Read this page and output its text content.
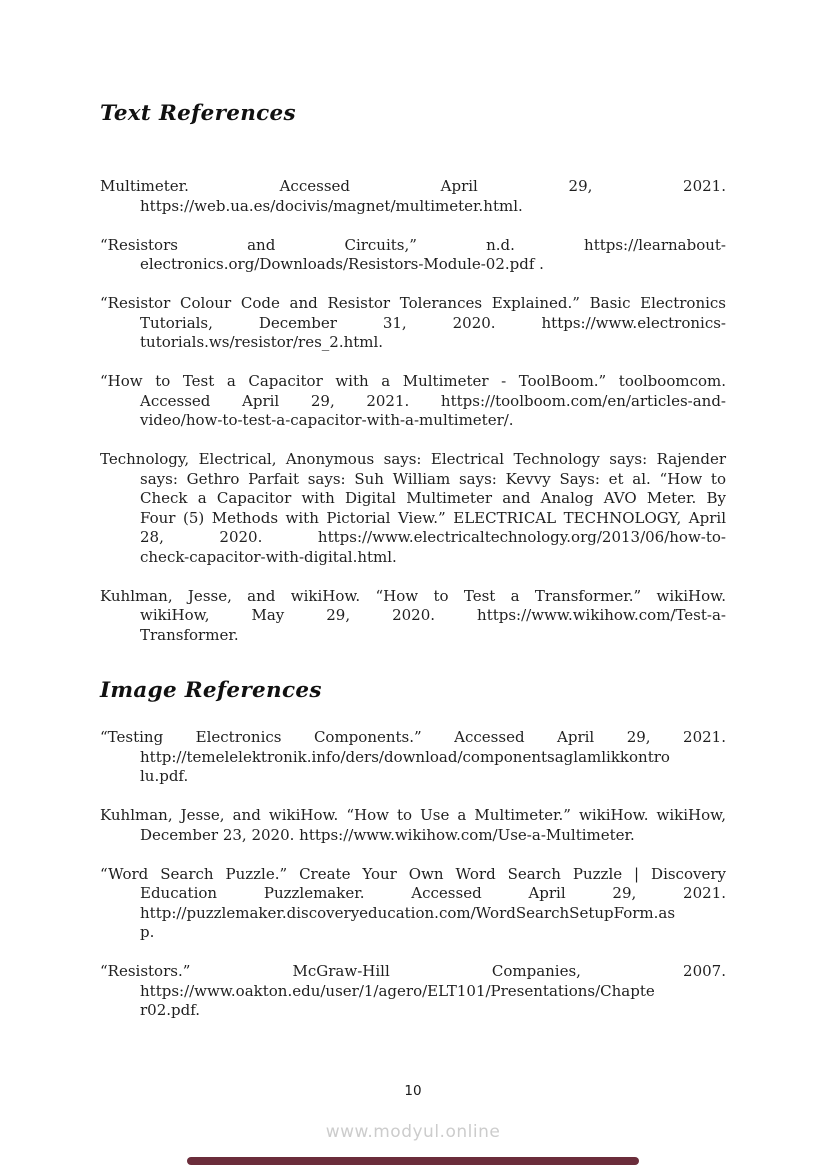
Text References

Multimeter. Accessed April 29, 2021.
https://web.ua.es/docivis/magnet/multimeter.html.

“Resistors and Circuits,” n.d. https://learnabout-
electronics.org/Downloads/Resistors-Module-02.pdf .

“Resistor Colour Code and Resistor Tolerances Explained.” Basic Electronics
Tutorials, December 31, 2020. https://www.electronics-
tutorials.ws/resistor/res_2.html.

“How to Test a Capacitor with a Multimeter - ToolBoom.” toolboomcom.
Accessed April 29, 2021. https://toolboom.com/en/articles-and-
video/how-to-test-a-capacitor-with-a-multimeter/.

Technology, Electrical, Anonymous says: Electrical Technology says: Rajender
says: Gethro Parfait says: Suh William says: Kevvy Says: et al. “How to
Check a Capacitor with Digital Multimeter and Analog AVO Meter. By
Four (5) Methods with Pictorial View.” ELECTRICAL TECHNOLOGY, April
28, 2020. https://www.electricaltechnology.org/2013/06/how-to-
check-capacitor-with-digital.html.

Kuhlman, Jesse, and wikiHow. “How to Test a Transformer.” wikiHow.
wikiHow, May 29, 2020. https://www.wikihow.com/Test-a-
Transformer.

Image References

“Testing Electronics Components.” Accessed April 29, 2021.
http://temelelektronik.info/ders/download/componentsaglamlikkontro
lu.pdf.

Kuhlman, Jesse, and wikiHow. “How to Use a Multimeter.” wikiHow. wikiHow,
December 23, 2020. https://www.wikihow.com/Use-a-Multimeter.

“Word Search Puzzle.” Create Your Own Word Search Puzzle | Discovery
Education Puzzlemaker. Accessed April 29, 2021.
http://puzzlemaker.discoveryeducation.com/WordSearchSetupForm.as
p.

“Resistors.” McGraw-Hill Companies, 2007.
https://www.oakton.edu/user/1/agero/ELT101/Presentations/Chapte
r02.pdf.

10
www.modyul.online
